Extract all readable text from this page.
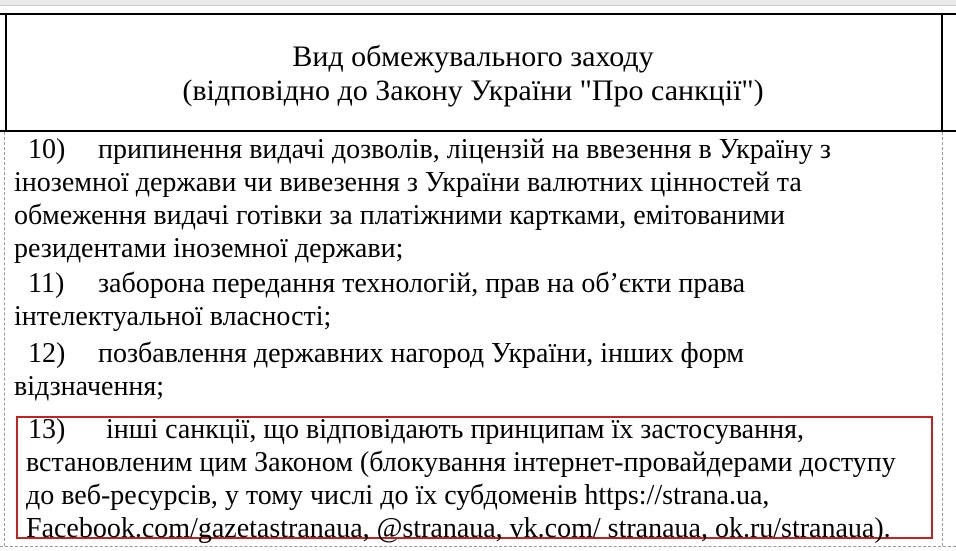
Вид обмежувального заходу
(відповідно до Закону України "Про санкції")
10) припинення видачі дозволів, ліцензій на ввезення в Україну з
іноземної держави чи вивезення з України валютних цінностей та
обмеження видачі готівки за платіжними картками, емітованими
резидентами іноземної держави;
11) заборона передання технологій, прав на об’єкти права
інтелектуальної власності;
12) позбавлення державних нагород України, інших форм
відзначення;
13) інші санкції, що відповідають принципам їх застосування,
встановленим цим Законом (блокування інтернет-провайдерами доступу
до веб-ресурсів, у тому числі до їх субдоменів https://strana.ua,
Facebook.com/gazetastranaua, @stranaua, vk.com/ stranaua, ok.ru/stranaua).
